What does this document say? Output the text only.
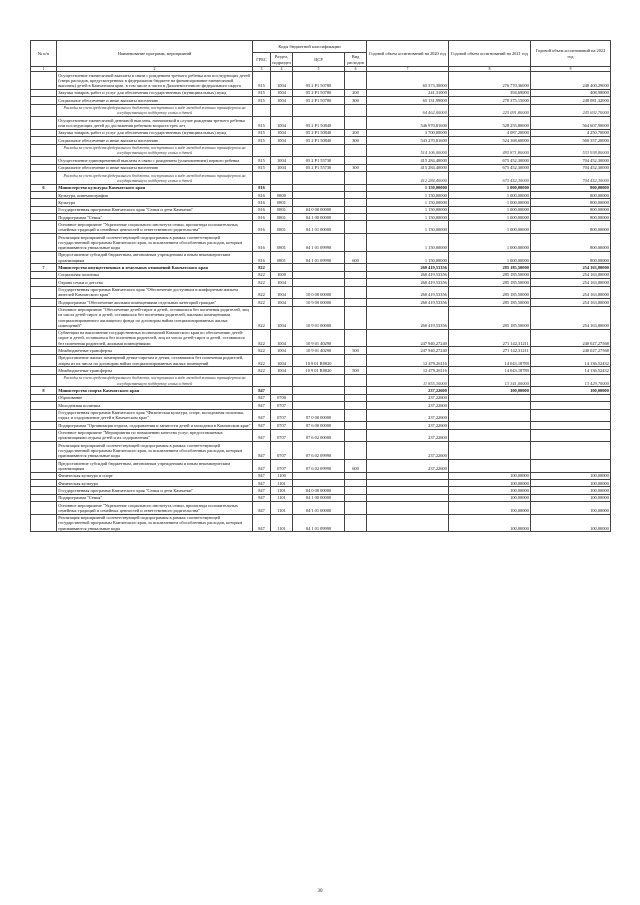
№ п/п	Наименование программ, мероприятий	Коды бюджетной классификации				Годовой объем ассигнований на 2020 год	Годовой объем ассигнований на 2021 год	Годовой объем ассигнований на 2022 год
		ГРБС	Раздел, подраздел	ЦСР	Вид расходов			
1	2	3	4	5	6	7	8	9
	Осуществление ежемесячной выплаты в связи с рождением третьего ребенка или последующих детей (сверх расходов, предусмотренных в федеральном бюджете на финансирование ежемесячной выплаты) детей в Камчатском крае, в том числе в части в Дальневосточного федерального округа	815	1004	05 2 P1 50780		65 373,30000	276 770,36000	248 400,29000
	Закупка товаров, работ и услуг для обеспечения государственных (муниципальных) нужд	815	1004	05 2 P1 50780	200	241,31000	394,69000	408,98000
	Социальное обеспечение и иные выплаты населению	815	1004	05 2 P1 50780	300	65 131,99000	278 375,15000	248 081,32000
	Расходы за счет средств федерального бюджета, поступивших в виде межбюджетных трансфертов на государственную поддержку семьи и детей					64 462,00000	225 091,80000	245 692,70000
	Осуществление ежемесячной денежной выплаты, назначаемой в случае рождения третьего ребенка или последующих детей до достижения ребенком возраста трех лет	815	1004	05 2 P1 50840		546 970,81600	528 255,80000	564 607,90000
	Закупка товаров, работ и услуг для обеспечения государственных (муниципальных) нужд	815	1004	05 2 P1 50840	200	3 700,00000	4 087,20000	4 250,70000
	Социальное обеспечение и иные выплаты населению	815	1004	05 2 P1 50840	300	543 270,81600	524 168,60000	560 357,20000
	Расходы за счет средств федерального бюджета, поступивших в виде межбюджетных трансфертов на государственную поддержку семьи и детей					514 106,00000	495 871,80000	533 938,80000
	Осуществление единовременной выплаты в связи с рождением (усыновлением) первого ребенка	815	1004	05 2 P1 55730		415 284,40000	675 452,30000	704 452,30000
	Социальное обеспечение и иные выплаты населению	815	1004	05 2 P1 55730	300	415 284,40000	675 452,30000	704 452,30000
	Расходы за счет средств федерального бюджета, поступивших в виде межбюджетных трансфертов на государственную поддержку семьи и детей					412 284,40000	675 452,30000	704 452,30000
6	Министерство культуры Камчатского края	816				1 150,00000	1 000,00000	800,00000
	Культура, кинематография	816	0800			1 150,00000	1 000,00000	800,00000
	Культура	816	0801			1 150,00000	1 000,00000	800,00000
	Государственная программа Камчатского края "Семья и дети Камчатки"	816	0801	04 0 00 00000		1 150,00000	1 000,00000	800,00000
	Подпрограмма "Семья"	816	0801	04 1 00 00000		1 150,00000	1 000,00000	800,00000
	Основное мероприятие "Укрепление социального института семьи, пропаганда положительных семейных традиций и семейных ценностей и ответственного родительства"	816	0801	04 1 01 00000		1 150,00000	1 000,00000	800,00000
	Реализация мероприятий соответствующей подпрограммы в рамках соответствующей государственной программы Камчатского края, за исключением обособленных расходов, которым присваиваются уникальные коды	816	0801	04 1 01 09990		1 150,00000	1 000,00000	800,00000
	Предоставление субсидий бюджетным, автономным учреждениям и иным некоммерческим организациям	816	0801	04 1 01 09990	600	1 150,00000	1 000,00000	800,00000
7	Министерство имущественных и земельных отношений Камчатского края	822				260 419,53356	285 185,50000	254 163,80000
	Социальная политика	822	1000			260 419,53356	285 185,50000	254 163,80000
	Охрана семьи и детства	822	1004			260 419,53356	285 185,50000	254 163,80000
	Государственная программа Камчатского края "Обеспечение доступным и комфортным жильем жителей Камчатского края"	822	1004	10 0 00 00000		260 419,53356	285 185,50000	254 163,80000
	Подпрограмма "Обеспечение жилыми помещениями отдельных категорий граждан"	822	1004	10 9 00 00000		260 419,53356	285 185,50000	254 163,80000
	Основное мероприятие "Обеспечение детей-сирот и детей, оставшихся без попечения родителей, лиц из числа детей-сирот и детей, оставшихся без попечения родителей, жилыми помещениями специализированного жилищного фонда по договорам найма специализированных жилых помещений"	822	1004	10 9 01 00000		260 419,53356	285 185,50000	254 163,80000
	Субвенции на выполнение государственных полномочий Камчатского края по обеспечению детей-сирот и детей, оставшихся без попечения родителей, лиц из числа детей-сирот и детей, оставшихся без попечения родителей, жилыми помещениями	822	1004	10 9 01 40290		247 940,27240	271 142,31211	240 027,27568
	Межбюджетные трансферты	822	1004	10 9 01 40290	500	247 940,27240	271 142,31211	240 027,27568
	Предоставление жилых помещений детям-сиротам и детям, оставшимся без попечения родителей, лицам из их числа по договорам найма специализированных жилых помещений	822	1004	10 9 01 R0820		12 479,26116	14 043,18789	14 136,52432
	Межбюджетные трансферты	822	1004	10 9 01 R0820	500	12 479,26116	14 043,18789	14 136,52432
	Расходы за счет средств федерального бюджета, поступивших в виде межбюджетных трансфертов на государственную поддержку семьи и детей					11 855,30000	13 341,00000	13 429,70000
8	Министерство спорта Камчатского края	847				237,22600	100,00000	100,00000
	Образование	847	0700			237,22600		
	Молодежная политика	847	0707			237,22600		
	Государственная программа Камчатского края "Физическая культура, спорт, молодежная политика, отдых и оздоровление детей в Камчатском крае"	847	0707	07 0 00 00000		237,22600		
	Подпрограмма "Организация отдыха, оздоровления и занятости детей и молодежи в Камчатском крае"	847	0707	07 6 00 00000		237,22600		
	Основное мероприятие "Мероприятия по повышению качества услуг, предоставляемых организациями отдыха детей и их оздоровления"	847	0707	07 6 02 00000		237,22600		
	Реализация мероприятий соответствующей подпрограммы в рамках соответствующей государственной программы Камчатского края, за исключением обособленных расходов, которым присваиваются уникальные коды	847	0707	07 6 02 09990		237,22600		
	Предоставление субсидий бюджетным, автономным учреждениям и иным некоммерческим организациям	847	0707	07 6 02 09990	600	237,22600		
	Физическая культура и спорт	847	1100				100,00000	100,00000
	Физическая культура	847	1101				100,00000	100,00000
	Государственная программа Камчатского края "Семья и дети Камчатки"	847	1101	04 0 00 00000			100,00000	100,00000
	Подпрограмма "Семья"	847	1101	04 1 00 00000			100,00000	100,00000
	Основное мероприятие "Укрепление социального института семьи, пропаганда положительных семейных традиций и семейных ценностей и ответственного родительства"	847	1101	04 1 01 00000			100,00000	100,00000
	Реализация мероприятий соответствующей подпрограммы в рамках соответствующей государственной программы Камчатского края, за исключением обособленных расходов, которым присваиваются уникальные коды	847	1101	04 1 01 09990			100,00000	100,00000
30
